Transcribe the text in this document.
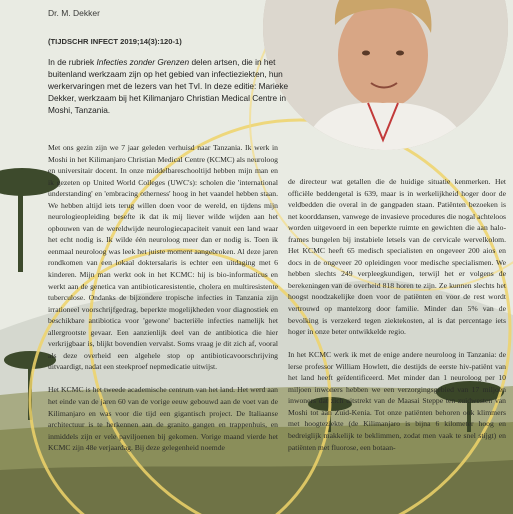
Dr. M. Dekker
(TIJDSCHR INFECT 2019;14(3):120-1)
In de rubriek Infecties zonder Grenzen delen artsen, die in het buitenland werkzaam zijn op het gebied van infectieziekten, hun werkervaringen met de lezers van het TvI. In deze editie: Marieke Dekker, werkzaam bij het Kilimanjaro Christian Medical Centre in Moshi, Tanzania.

Met ons gezin zijn we 7 jaar geleden verhuisd naar Tanzania. Ik werk in Moshi in het Kilimanjaro Christian Medical Centre (KCMC) als neuroloog en universitair docent. In onze middelbareschooltijd hebben mijn man en ik gezeten op United World Colleges (UWC's): scholen die 'international understanding' en 'embracing otherness' hoog in het vaandel hebben staan. We hebben altijd iets terug willen doen voor de wereld, en tijdens mijn neurologieopleiding besefte ik dat ik mij liever wilde wijden aan het opbouwen van de wereldwijde neurologiecapaciteit vanuit een land waar het echt nodig is. Ik wilde één neuroloog meer dan er nodig is. Toen ik eenmaal neuroloog was leek het juiste moment aangebroken. Al deze jaren rondkomen van een lokaal doktersalaris is echter een uitdaging met 6 kinderen. Mijn man werkt ook in het KCMC: hij is bio-informaticus en werkt aan de genetica van antibioticaresistentie, cholera en multiresistente tuberculose. Ondanks de bijzondere tropische infecties in Tanzania zijn irrationeel voorschrijfgedrag, beperkte mogelijkheden voor diagnostiek en beschikbare antibiotica voor 'gewone' bacteriële infecties namelijk het allergrootste gevaar. Een aanzienlijk deel van de antibiotica die hier verkrijgbaar is, blijkt bovendien vervalst. Soms vraag je dit zich af, vooral als deze overheid een algehele stop op antibioticavoorschrijving uitvaardigt, nadat een steekproef nepmedicatie uitwijst.

Het KCMC is het tweede academische centrum van het land. Het werd aan het einde van de jaren 60 van de vorige eeuw gebouwd aan de voet van de Kilimanjaro en was voor die tijd een gigantisch project. De Italiaanse architectuur is te herkennen aan de granito gangen en trappenhuis, en inmiddels zijn er vele paviljoenen bij gekomen. Vorige maand vierde het KCMC zijn 48e verjaardag. Bij deze gelegenheid noemde

de directeur wat getallen die de huidige situatie kenmerken. Het officiële beddengetal is 639, maar is in werkelijkheid hoger door de veldbedden die overal in de gangpaden staan. Patiënten bezoeken is net koorddansen, vanwege de invasieve procedures die nogal achteloos worden uitgevoerd in een beperkte ruimte en gewichten die aan halo-frames bungelen bij instabiele letsels van de cervicale wervelkolom. Het KCMC heeft 65 medisch specialisten en ongeveer 200 aios en docs in de ongeveer 20 opleidingen voor medische specialismen. We hebben slechts 249 verpleegkundigen, terwijl het er volgens de berekeningen van de overheid 818 horen te zijn. Ze kunnen slechts het hoogst noodzakelijke doen voor de patiënten en voor de rest wordt vertrouwd op mantelzorg door familie. Minder dan 5% van de bevolking is verzekerd tegen ziektekosten, al is dat percentage iets hoger in onze beter ontwikkelde regio.

In het KCMC werk ik met de enige andere neuroloog in Tanzania: de lerse professor William Howlett, die destijds de eerste hiv-patiënt van het land heeft geïdentificeerd. Met minder dan 1 neuroloog per 10 miljoen inwoners hebben we een verzorgingsgebied van 17 miljoen inwoners dat zich uitstrekt van de Maasai Steppe ten zuidwesten van Moshi tot aan Zuid-Kenia. Tot onze patiënten behoren ook klimmers met hoogteziekte (de Kilimanjaro is bijna 6 kilometer hoog en bedreiglijk makkelijk te beklimmen, zodat men vaak te snel stijgt) en patiënten met fluorose, een botaan-
